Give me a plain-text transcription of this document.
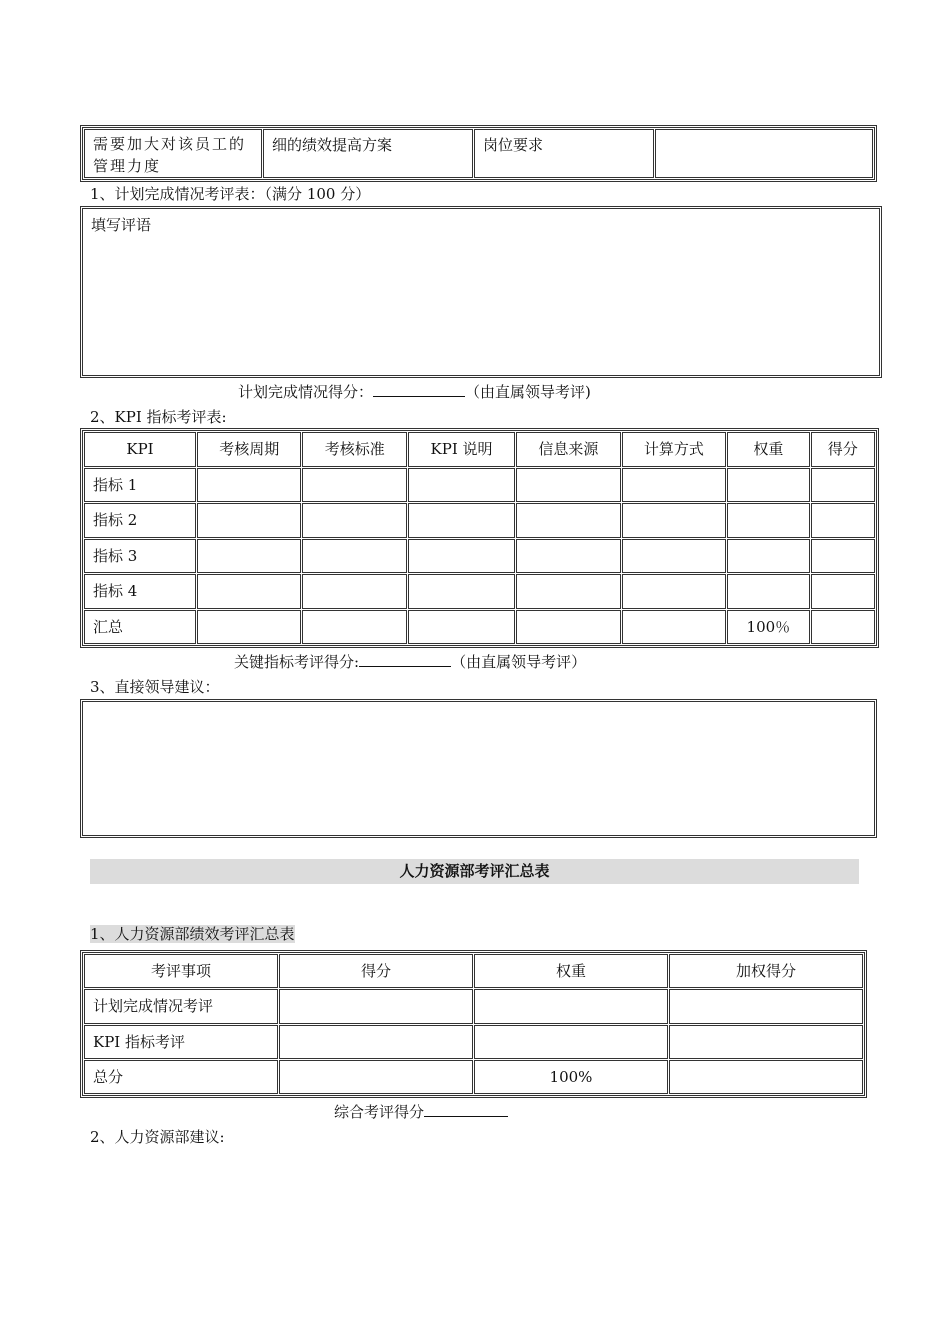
需要加大对该员工的管理力度	细的绩效提高方案	岗位要求	
1、计划完成情况考评表：（满分 100 分）
填写评语
计划完成情况得分：	（由直属领导考评)
2、KPI 指标考评表:
KPI	考核周期	考核标准	KPI 说明	信息来源	计算方式	权重	得分
指标 1							
指标 2							
指标 3							
指标 4							
汇总						100％	
关键指标考评得分:	（由直属领导考评）
3、直接领导建议：
人力资源部考评汇总表
1、人力资源部绩效考评汇总表
考评事项	得分	权重	加权得分
计划完成情况考评			
KPI 指标考评			
总分		100%	
综合考评得分
2、人力资源部建议:
